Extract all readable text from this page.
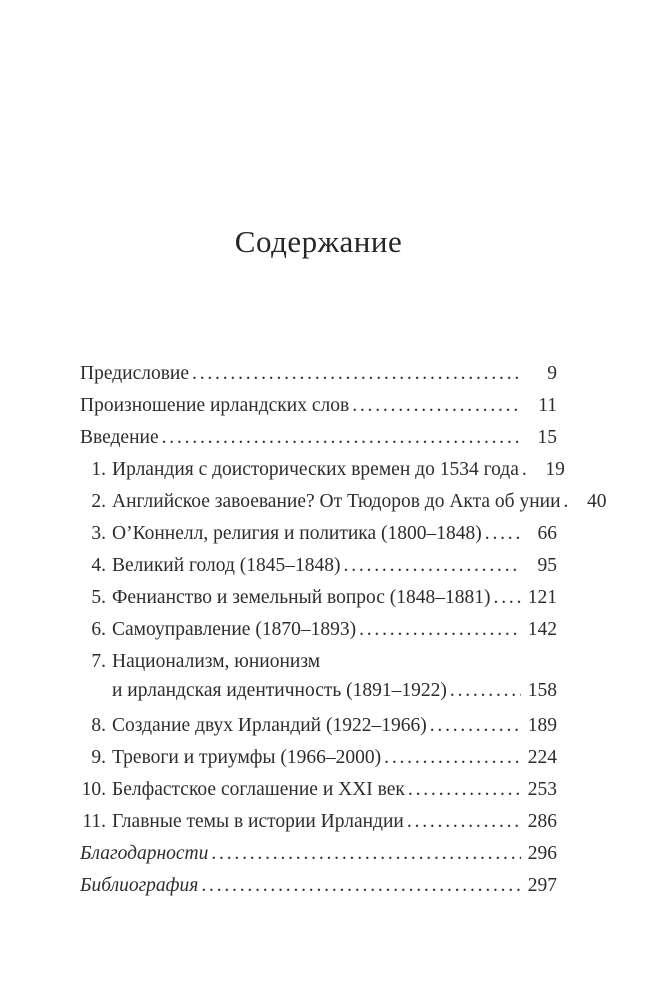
Содержание
Предисловие .....	9
Произношение ирландских слов .....	11
Введение .....	15
1. Ирландия с доисторических времен до 1534 года .....	19
2. Английское завоевание? От Тюдоров до Акта об унии .....	40
3. О’Коннелл, религия и политика (1800–1848) .....	66
4. Великий голод (1845–1848) .....	95
5. Фенианство и земельный вопрос (1848–1881) .....	121
6. Самоуправление (1870–1893) .....	142
7. Национализм, юнионизм
и ирландская идентичность (1891–1922) .....	158
8. Создание двух Ирландий (1922–1966) .....	189
9. Тревоги и триумфы (1966–2000) .....	224
10. Белфастское соглашение и XXI век .....	253
11. Главные темы в истории Ирландии .....	286
Благодарности .....	296
Библиография .....	297
